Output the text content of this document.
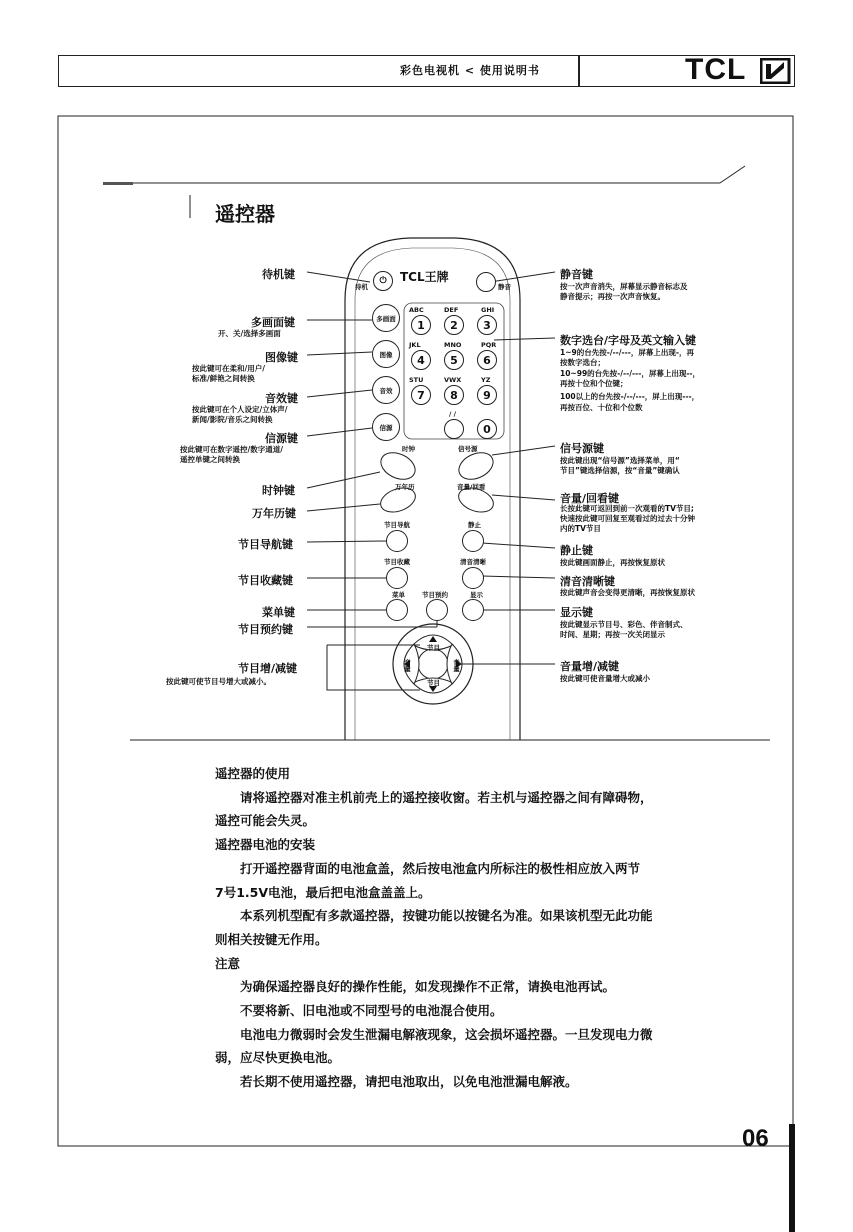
彩色电视机 < 使用说明书	TCL
遥控器
TCL王牌
⏻
待机	静音
多画面
图像
音效
信源
ABC	DEF	GHI
1	2	3
JKL	MNO	PQR
4	5	6
STU	VWX	YZ
7	8	9
/ /
0
时钟	信号源
万年历	音量/回看
节目导航	静止
节目收藏	清音清晰
菜单	节目预约	显示
节目
节目
音量	音量
待机键
多画面键
开、关/选择多画面
图像键
按此键可在柔和/用户/
标准/鲜艳之间转换
音效键
按此键可在个人设定/立体声/
新闻/影院/音乐之间转换
信源键
按此键可在数字遥控/数字通道/
遥控单键之间转换
时钟键
万年历键
节目导航键
节目收藏键
菜单键
节目预约键
节目增/减键
按此键可使节目号增大或减小。
静音键
按一次声音消失，屏幕显示静音标志及
静音提示；再按一次声音恢复。
数字选台/字母及英文输入键
1~9的台先按-/--/---，屏幕上出现-，再
按数字选台；
10~99的台先按-/--/---，屏幕上出现--，
再按十位和个位键；
100以上的台先按-/--/---，屏上出现---，
再按百位、十位和个位数
信号源键
按此键出现“信号源”选择菜单，用“
节目”键选择信源，按“音量”键确认
音量/回看键
长按此键可返回到前一次观看的TV节目;
快速按此键可回复至观看过的过去十分钟
内的TV节目
静止键
按此键画面静止，再按恢复原状
清音清晰键
按此键声音会变得更清晰，再按恢复原状
显示键
按此键显示节目号、彩色、伴音制式、
时间、星期；再按一次关闭显示
音量增/减键
按此键可使音量增大或减小

遥控器的使用

请将遥控器对准主机前壳上的遥控接收窗。若主机与遥控器之间有障碍物，

遥控可能会失灵。

遥控器电池的安装

打开遥控器背面的电池盒盖，然后按电池盒内所标注的极性相应放入两节

7号1.5V电池，最后把电池盒盖盖上。

本系列机型配有多款遥控器，按键功能以按键名为准。如果该机型无此功能

则相关按键无作用。

注意

为确保遥控器良好的操作性能，如发现操作不正常，请换电池再试。

不要将新、旧电池或不同型号的电池混合使用。

电池电力微弱时会发生泄漏电解液现象，这会损坏遥控器。一旦发现电力微

弱，应尽快更换电池。

若长期不使用遥控器，请把电池取出，以免电池泄漏电解液。

06
